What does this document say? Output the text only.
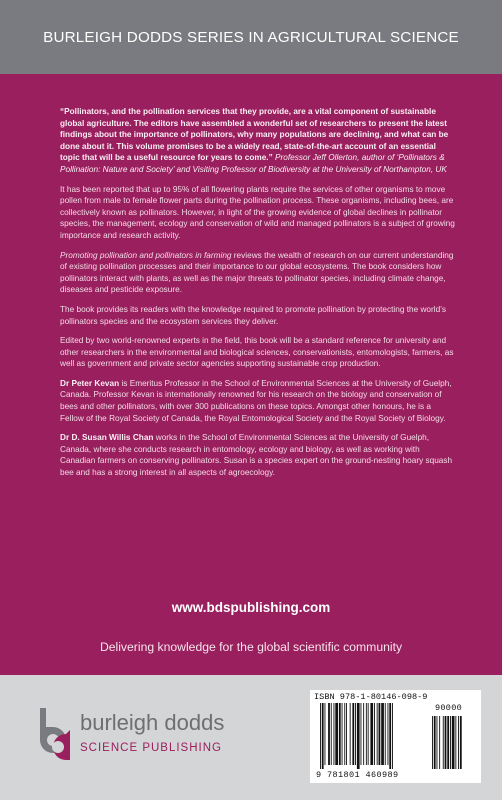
BURLEIGH DODDS SERIES IN AGRICULTURAL SCIENCE

“Pollinators, and the pollination services that they provide, are a vital component of sustainable global agriculture. The editors have assembled a wonderful set of researchers to present the latest findings about the importance of pollinators, why many populations are declining, and what can be done about it. This volume promises to be a widely read, state-of-the-art account of an essential topic that will be a useful resource for years to come.” Professor Jeff Ollerton, author of ‘Pollinators & Pollination: Nature and Society’ and Visiting Professor of Biodiversity at the University of Northampton, UK

It has been reported that up to 95% of all flowering plants require the services of other organisms to move pollen from male to female flower parts during the pollination process. These organisms, including bees, are collectively known as pollinators. However, in light of the growing evidence of global declines in pollinator species, the management, ecology and conservation of wild and managed pollinators is a subject of growing importance and research activity.

Promoting pollination and pollinators in farming reviews the wealth of research on our current understanding of existing pollination processes and their importance to our global ecosystems. The book considers how pollinators interact with plants, as well as the major threats to pollinator species, including climate change, diseases and pesticide exposure.

The book provides its readers with the knowledge required to promote pollination by protecting the world’s pollinators species and the ecosystem services they deliver.

Edited by two world-renowned experts in the field, this book will be a standard reference for university and other researchers in the environmental and biological sciences, conservationists, entomologists, farmers, as well as government and private sector agencies supporting sustainable crop production.

Dr Peter Kevan is Emeritus Professor in the School of Environmental Sciences at the University of Guelph, Canada. Professor Kevan is internationally renowned for his research on the biology and conservation of bees and other pollinators, with over 300 publications on these topics. Amongst other honours, he is a Fellow of the Royal Society of Canada, the Royal Entomological Society and the Royal Society of Biology.

Dr D. Susan Willis Chan works in the School of Environmental Sciences at the University of Guelph, Canada, where she conducts research in entomology, ecology and biology, as well as working with Canadian farmers on conserving pollinators. Susan is a species expert on the ground-nesting hoary squash bee and has a strong interest in all aspects of agroecology.

www.bdspublishing.com
Delivering knowledge for the global scientific community
burleigh dodds
SCIENCE PUBLISHING
ISBN 978-1-80146-098-9
90000
9 781801 460989
